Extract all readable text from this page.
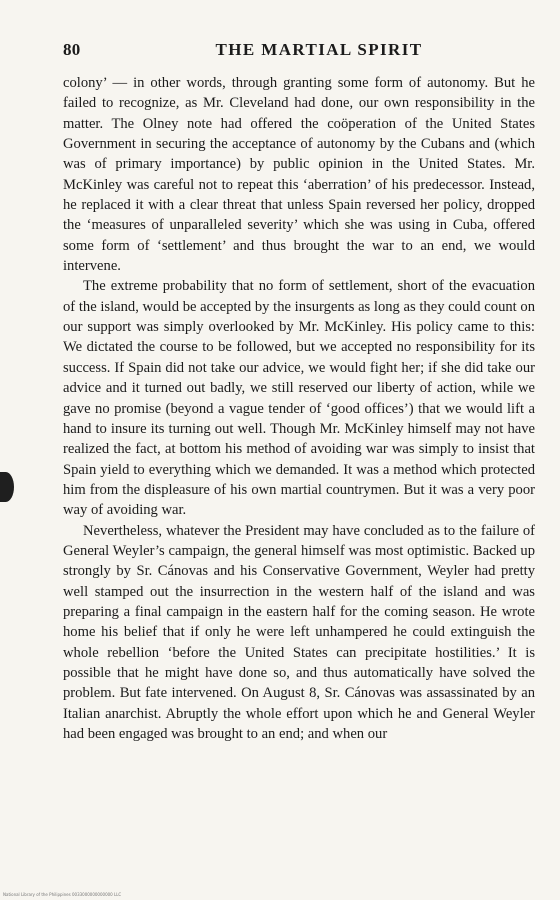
80	THE MARTIAL SPIRIT

colony’ — in other words, through granting some form of autonomy. But he failed to recognize, as Mr. Cleveland had done, our own responsibility in the matter. The Olney note had offered the coöperation of the United States Government in securing the acceptance of autonomy by the Cubans and (which was of primary importance) by public opinion in the United States. Mr. McKinley was careful not to repeat this ‘aberration’ of his predecessor. Instead, he replaced it with a clear threat that unless Spain reversed her policy, dropped the ‘measures of unparalleled severity’ which she was using in Cuba, offered some form of ‘settlement’ and thus brought the war to an end, we would intervene.

The extreme probability that no form of settlement, short of the evacuation of the island, would be accepted by the insurgents as long as they could count on our support was simply overlooked by Mr. McKinley. His policy came to this: We dictated the course to be followed, but we accepted no responsibility for its success. If Spain did not take our advice, we would fight her; if she did take our advice and it turned out badly, we still reserved our liberty of action, while we gave no promise (beyond a vague tender of ‘good offices’) that we would lift a hand to insure its turning out well. Though Mr. McKinley himself may not have realized the fact, at bottom his method of avoiding war was simply to insist that Spain yield to everything which we demanded. It was a method which protected him from the displeasure of his own martial countrymen. But it was a very poor way of avoiding war.

Nevertheless, whatever the President may have concluded as to the failure of General Weyler’s campaign, the general himself was most optimistic. Backed up strongly by Sr. Cánovas and his Conservative Government, Weyler had pretty well stamped out the insurrection in the western half of the island and was preparing a final campaign in the eastern half for the coming season. He wrote home his belief that if only he were left unhampered he could extinguish the whole rebellion ‘before the United States can precipitate hostilities.’ It is possible that he might have done so, and thus automatically have solved the problem. But fate intervened. On August 8, Sr. Cánovas was assassinated by an Italian anarchist. Abruptly the whole effort upon which he and General Weyler had been engaged was brought to an end; and when our

National Library of the Philippines 0033000000000000 LLC
